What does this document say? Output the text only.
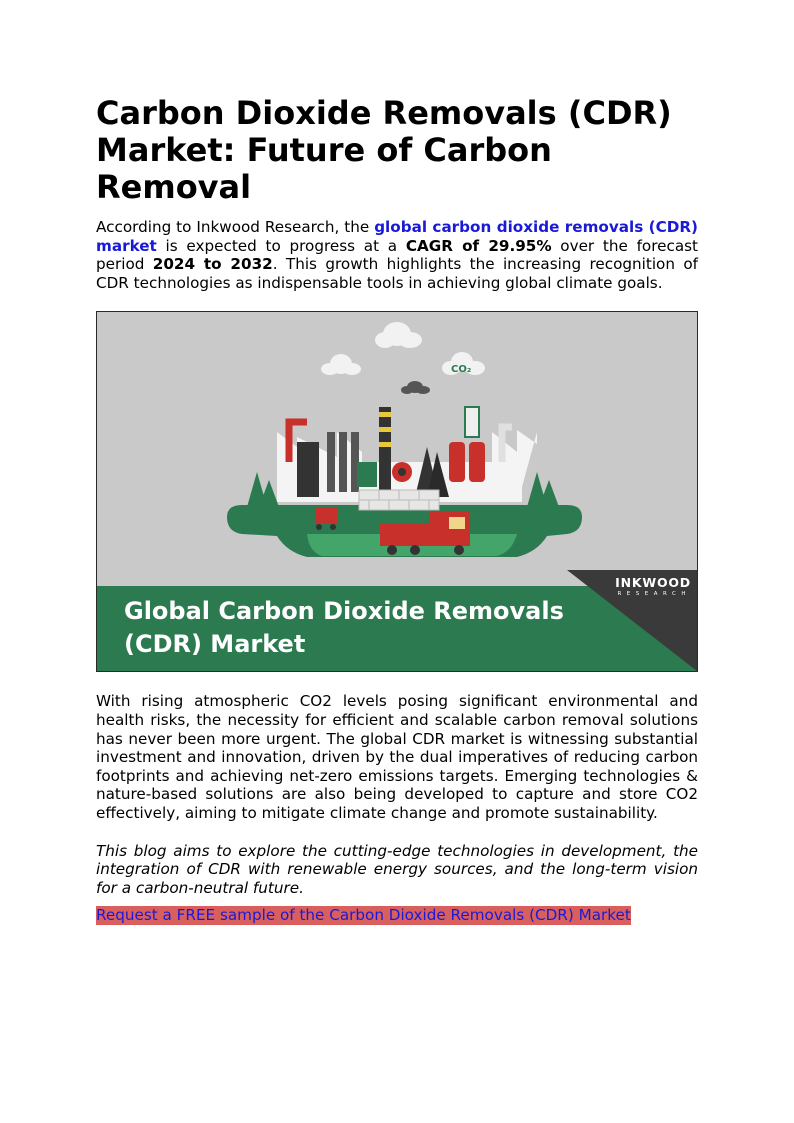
Carbon Dioxide Removals (CDR) Market: Future of Carbon Removal

According to Inkwood Research, the global carbon dioxide removals (CDR) market is expected to progress at a CAGR of 29.95% over the forecast period 2024 to 2032. This growth highlights the increasing recognition of CDR technologies as indispensable tools in achieving global climate goals.

CO₂
Global Carbon Dioxide Removals (CDR) Market
INKWOOD
RESEARCH

With rising atmospheric CO2 levels posing significant environmental and health risks, the necessity for efficient and scalable carbon removal solutions has never been more urgent. The global CDR market is witnessing substantial investment and innovation, driven by the dual imperatives of reducing carbon footprints and achieving net-zero emissions targets. Emerging technologies & nature-based solutions are also being developed to capture and store CO2 effectively, aiming to mitigate climate change and promote sustainability.

This blog aims to explore the cutting-edge technologies in development, the integration of CDR with renewable energy sources, and the long-term vision for a carbon-neutral future.

Request a FREE sample of the Carbon Dioxide Removals (CDR) Market
